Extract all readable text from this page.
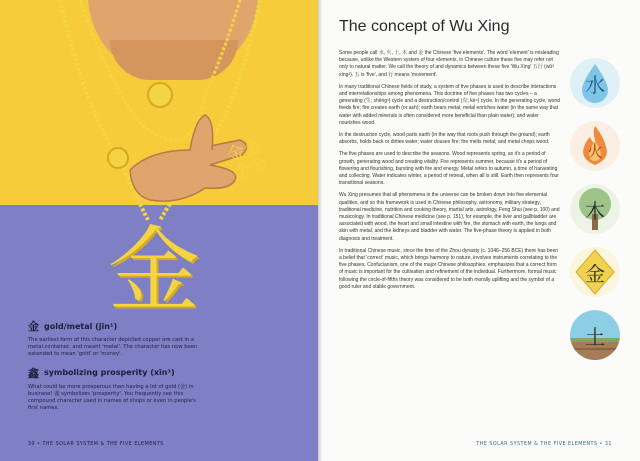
金金金金
金
金 gold/metal (jīn¹)
The earliest form of this character depicted copper ore cast in a metal container, and meant 'metal'. The character has now been extended to mean 'gold' or 'money'.
鑫 symbolizing prosperity (xīn³)
What could be more prosperous than having a lot of gold (金) in business! 鑫 symbolizes 'prosperity'. You frequently see this compound character used in names of shops or even in people's first names.
30 • THE SOLAR SYSTEM & THE FIVE ELEMENTS
The concept of Wu Xing

Some people call 水, 火, 土, 木 and 金 the Chinese 'five elements'. The word 'element' is misleading because, unlike the Western system of four elements, in Chinese culture these five may refer not only to natural matter. We call the theory of and dynamics between these five 'Wu Xing' 五行 (wǔ³ xíng²). 五 is 'five', and 行 means 'movement'.

In many traditional Chinese fields of study, a system of five phases is used to describe interactions and interrelationships among phenomena. This doctrine of five phases has two cycles – a generating (生; shēng¹) cycle and a destruction/control (克; kè⁴) cycle. In the generating cycle, wood feeds fire; fire creates earth (or ash); earth bears metal; metal enriches water (in the same way that water with added minerals is often considered more beneficial than plain water); and water nourishes wood.

In the destruction cycle, wood parts earth (in the way that roots push through the ground); earth absorbs, holds back or dirties water; water douses fire; fire melts metal; and metal chops wood.

The five phases are used to describe the seasons. Wood represents spring, as it's a period of growth, generating wood and creating vitality. Fire represents summer, because it's a period of flowering and flourishing, bursting with fire and energy. Metal refers to autumn, a time of harvesting and collecting. Water indicates winter, a period of retreat, when all is still. Earth then represents four transitional seasons.

Wu Xing presumes that all phenomena in the universe can be broken down into five elemental qualities, and so this framework is used in Chinese philosophy, astronomy, military strategy, traditional medicine, nutrition and cooking theory, martial arts, astrology, Feng Shui (see p. 100) and musicology. In traditional Chinese medicine (see p. 151), for example, the liver and gallbladder are associated with wood, the heart and small intestine with fire, the stomach with earth, the lungs and skin with metal, and the kidneys and bladder with water. The five-phase theory is applied in both diagnosis and treatment.

In traditional Chinese music, since the time of the Zhou dynasty (c. 1046–256 BCE) there has been a belief that 'correct' music, which brings harmony to nature, involves instruments correlating to the five phases. Confucianism, one of the major Chinese philosophies, emphasizes that a correct form of music is important for the cultivation and refinement of the individual. Furthermore, formal music following the circle-of-fifths theory was considered to be both morally uplifting and the symbol of a good ruler and stable government.

水
火
木
金
土
THE SOLAR SYSTEM & THE FIVE ELEMENTS • 31
